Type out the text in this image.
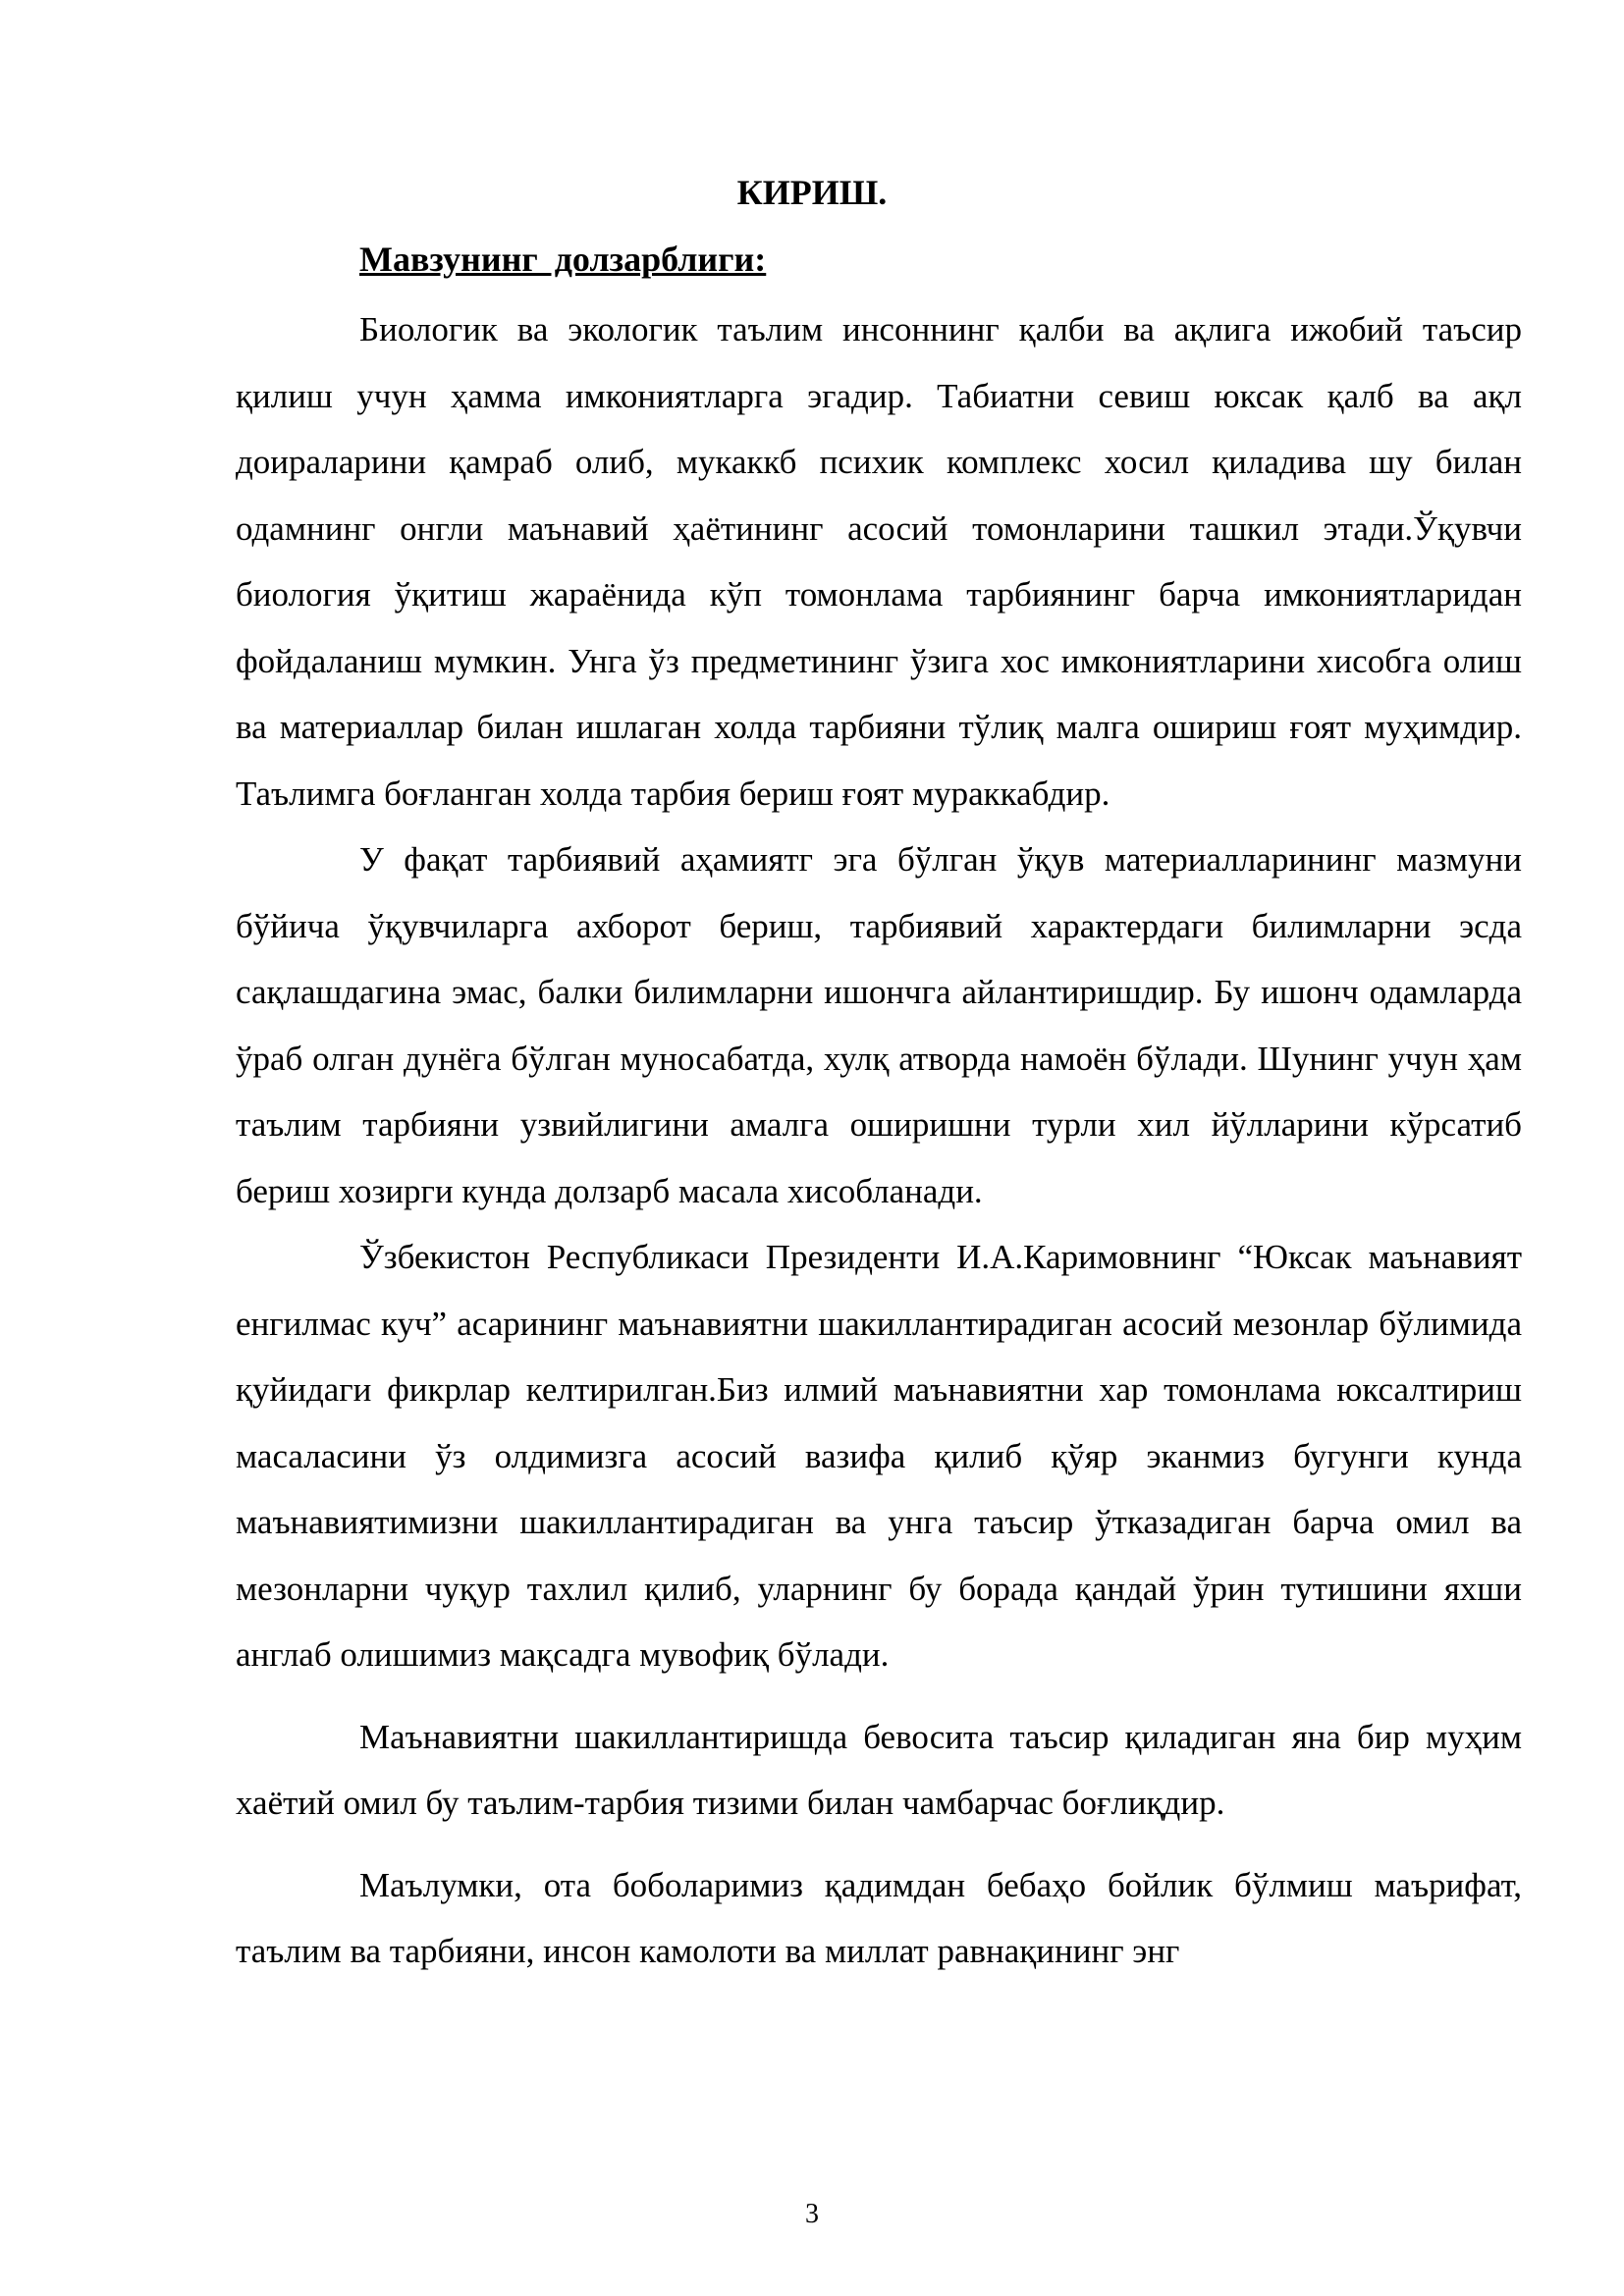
КИРИШ.
Мавзунинг долзарблиги:

Биологик ва экологик таълим инсоннинг қалби ва ақлига ижобий таъсир қилиш учун ҳамма имкониятларга эгадир. Табиатни севиш юксак қалб ва ақл доираларини қамраб олиб, мукаккб психик комплекс хосил қиладива шу билан одамнинг онгли маънавий ҳаётининг асосий томонларини ташкил этади.Ўқувчи биология ўқитиш жараёнида кўп томонлама тарбиянинг барча имкониятларидан фойдаланиш мумкин. Унга ўз предметининг ўзига хос имкониятларини хисобга олиш ва материаллар билан ишлаган холда тарбияни тўлиқ малга ошириш ғоят муҳимдир. Таълимга боғланган холда тарбия бериш ғоят мураккабдир.

У фақат тарбиявий аҳамиятг эга бўлган ўқув материалларининг мазмуни бўйича ўқувчиларга ахборот бериш, тарбиявий характердаги билимларни эсда сақлашдагина эмас, балки билимларни ишончга айлантиришдир. Бу ишонч одамларда ўраб олган дунёга бўлган муносабатда, хулқ атворда намоён бўлади. Шунинг учун ҳам таълим тарбияни узвийлигини амалга оширишни турли хил йўлларини кўрсатиб бериш хозирги кунда долзарб масала хисобланади.

Ўзбекистон Республикаси Президенти И.А.Каримовнинг “Юксак маънавият енгилмас куч” асарининг маънавиятни шакиллантирадиган асосий мезонлар бўлимида қуйидаги фикрлар келтирилган.Биз илмий маънавиятни хар томонлама юксалтириш масаласини ўз олдимизга асосий вазифа қилиб қўяр эканмиз бугунги кунда маънавиятимизни шакиллантирадиган ва унга таъсир ўтказадиган барча омил ва мезонларни чуқур тахлил қилиб, уларнинг бу борада қандай ўрин тутишини яхши англаб олишимиз мақсадга мувофиқ бўлади.

Маънавиятни шакиллантиришда бевосита таъсир қиладиган яна бир муҳим хаётий омил бу таълим-тарбия тизими билан чамбарчас боғлиқдир.

Маълумки, ота боболаримиз қадимдан бебаҳо бойлик бўлмиш маърифат, таълим ва тарбияни, инсон камолоти ва миллат равнақининг энг

3
